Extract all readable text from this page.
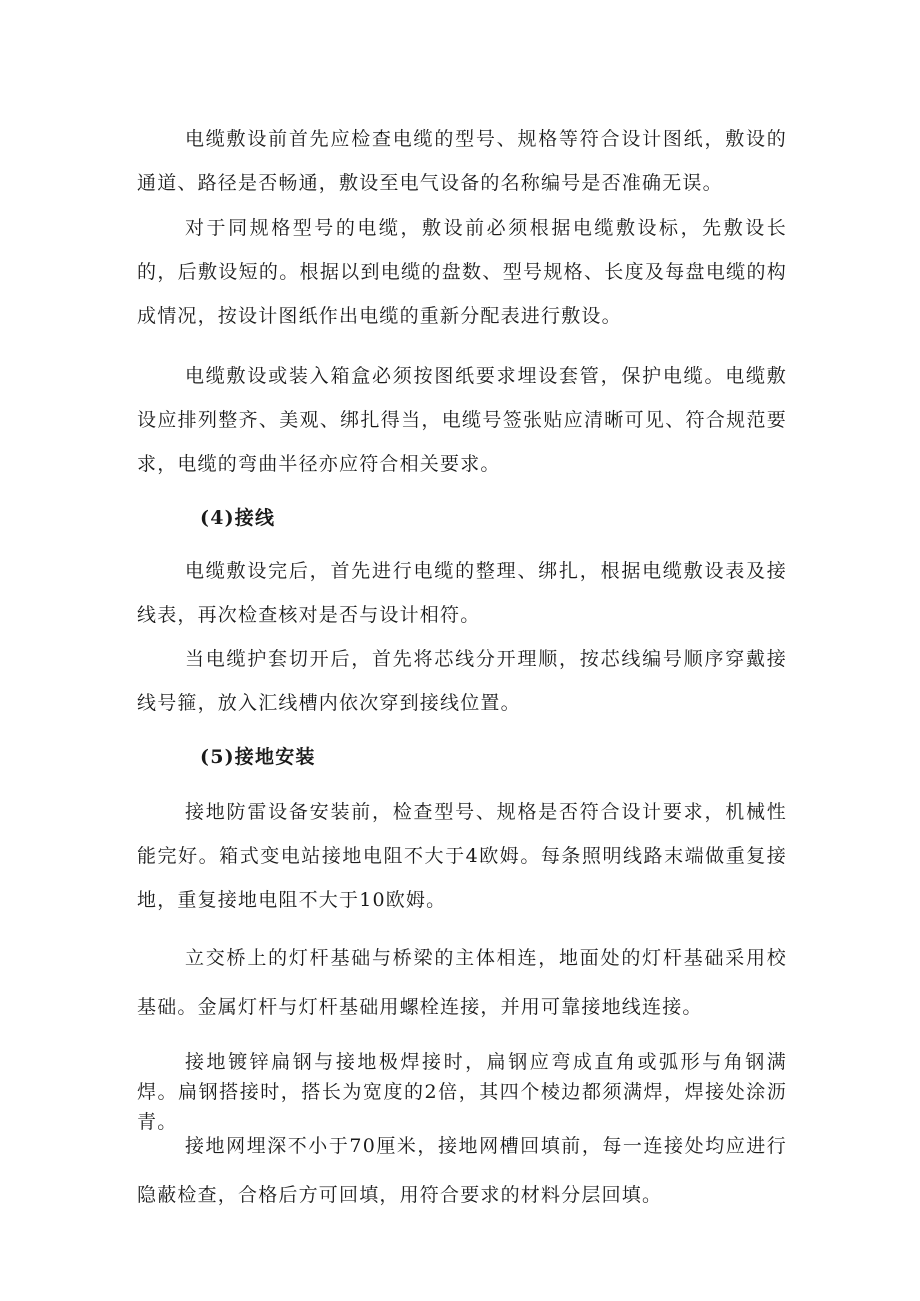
电缆敷设前首先应检查电缆的型号、规格等符合设计图纸，敷设的通道、路径是否畅通，敷设至电气设备的名称编号是否准确无误。

对于同规格型号的电缆，敷设前必须根据电缆敷设标，先敷设长的，后敷设短的。根据以到电缆的盘数、型号规格、长度及每盘电缆的构成情况，按设计图纸作出电缆的重新分配表进行敷设。

电缆敷设或装入箱盒必须按图纸要求埋设套管，保护电缆。电缆敷设应排列整齐、美观、绑扎得当，电缆号签张贴应清晰可见、符合规范要求，电缆的弯曲半径亦应符合相关要求。

(4)接线

电缆敷设完后，首先进行电缆的整理、绑扎，根据电缆敷设表及接线表，再次检查核对是否与设计相符。

当电缆护套切开后，首先将芯线分开理顺，按芯线编号顺序穿戴接线号箍，放入汇线槽内依次穿到接线位置。

(5)接地安装

接地防雷设备安装前，检查型号、规格是否符合设计要求，机械性能完好。箱式变电站接地电阻不大于4欧姆。每条照明线路末端做重复接地，重复接地电阻不大于10欧姆。

立交桥上的灯杆基础与桥梁的主体相连，地面处的灯杆基础采用校基础。金属灯杆与灯杆基础用螺栓连接，并用可靠接地线连接。

接地镀锌扁钢与接地极焊接时，扁钢应弯成直角或弧形与角钢满焊。扁钢搭接时，搭长为宽度的2倍，其四个棱边都须满焊，焊接处涂沥青。

接地网埋深不小于70厘米，接地网槽回填前，每一连接处均应进行隐蔽检查，合格后方可回填，用符合要求的材料分层回填。
